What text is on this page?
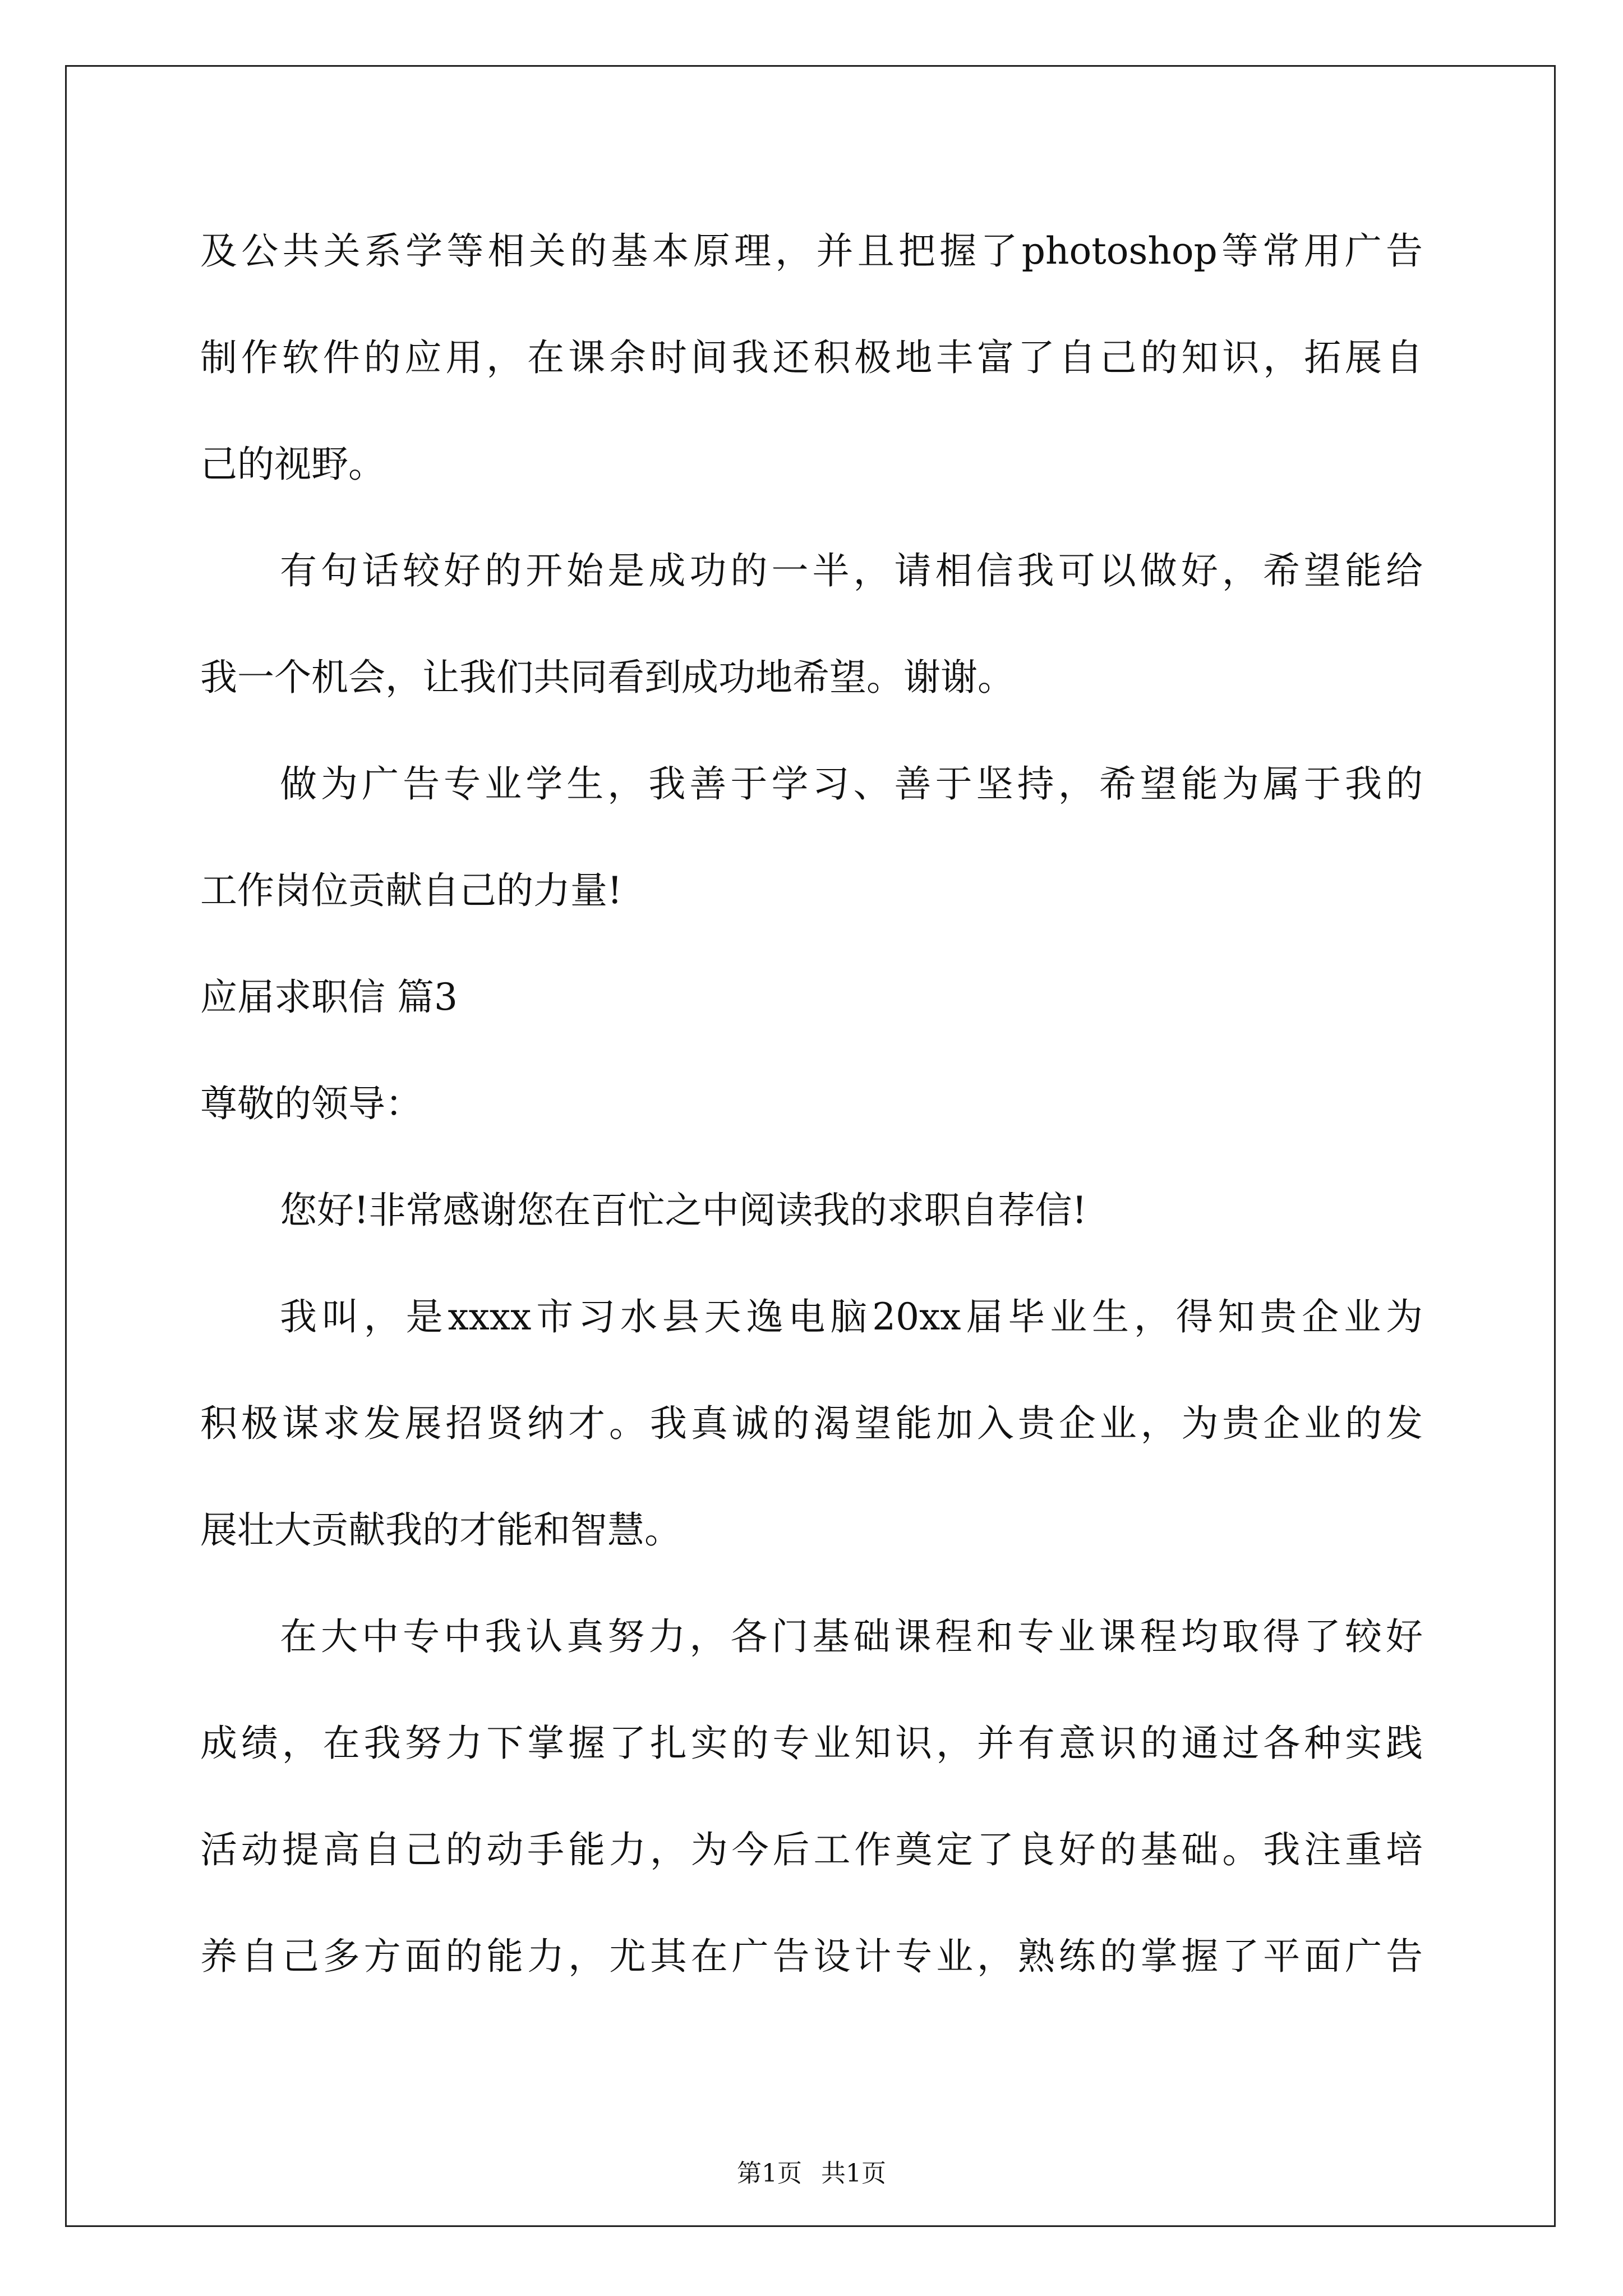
及公共关系学等相关的基本原理，并且把握了photoshop等常用广告
制作软件的应用，在课余时间我还积极地丰富了自己的知识，拓展自
己的视野。
有句话较好的开始是成功的一半，请相信我可以做好，希望能给
我一个机会，让我们共同看到成功地希望。谢谢。
做为广告专业学生，我善于学习、善于坚持，希望能为属于我的
工作岗位贡献自己的力量!
应届求职信 篇3
尊敬的领导：
您好!非常感谢您在百忙之中阅读我的求职自荐信!
我叫，是xxxx市习水县天逸电脑20xx届毕业生，得知贵企业为
积极谋求发展招贤纳才。我真诚的渴望能加入贵企业，为贵企业的发
展壮大贡献我的才能和智慧。
在大中专中我认真努力，各门基础课程和专业课程均取得了较好
成绩，在我努力下掌握了扎实的专业知识，并有意识的通过各种实践
活动提高自己的动手能力，为今后工作奠定了良好的基础。我注重培
养自己多方面的能力，尤其在广告设计专业，熟练的掌握了平面广告
第1页 共1页
